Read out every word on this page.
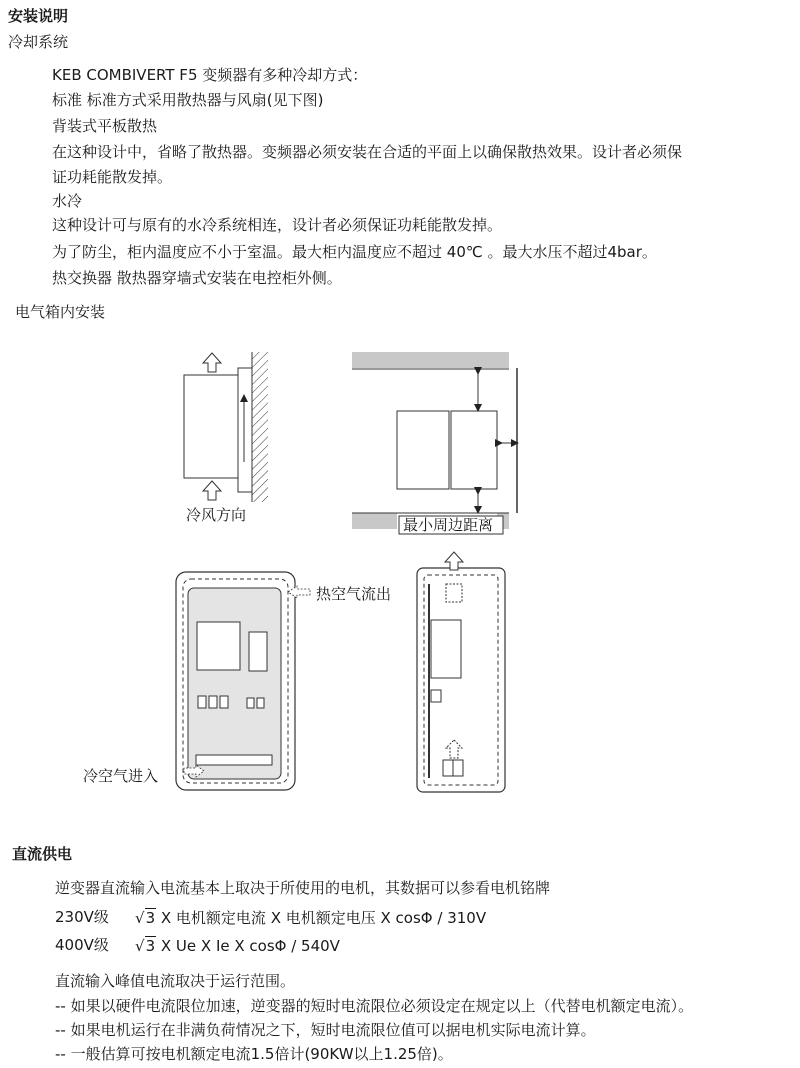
安装说明
冷却系统
KEB COMBIVERT F5 变频器有多种冷却方式：
标准 标准方式采用散热器与风扇(见下图)
背装式平板散热
在这种设计中，省略了散热器。变频器必须安装在合适的平面上以确保散热效果。设计者必须保
证功耗能散发掉。
水冷
这种设计可与原有的水冷系统相连，设计者必须保证功耗能散发掉。
为了防尘，柜内温度应不小于室温。最大柜内温度应不超过 40℃ 。最大水压不超过4bar。
热交换器 散热器穿墙式安装在电控柜外侧。
电气箱内安装
冷风方向
最小周边距离
热空气流出
冷空气进入
直流供电
逆变器直流输入电流基本上取决于所使用的电机，其数据可以参看电机铭牌
230V级 √3 X 电机额定电流 X 电机额定电压 X cosΦ / 310V
400V级 √3 X Ue X Ie X cosΦ / 540V
直流输入峰值电流取决于运行范围。
-- 如果以硬件电流限位加速，逆变器的短时电流限位必须设定在规定以上（代替电机额定电流）。
-- 如果电机运行在非满负荷情况之下，短时电流限位值可以据电机实际电流计算。
-- 一般估算可按电机额定电流1.5倍计(90KW以上1.25倍)。
